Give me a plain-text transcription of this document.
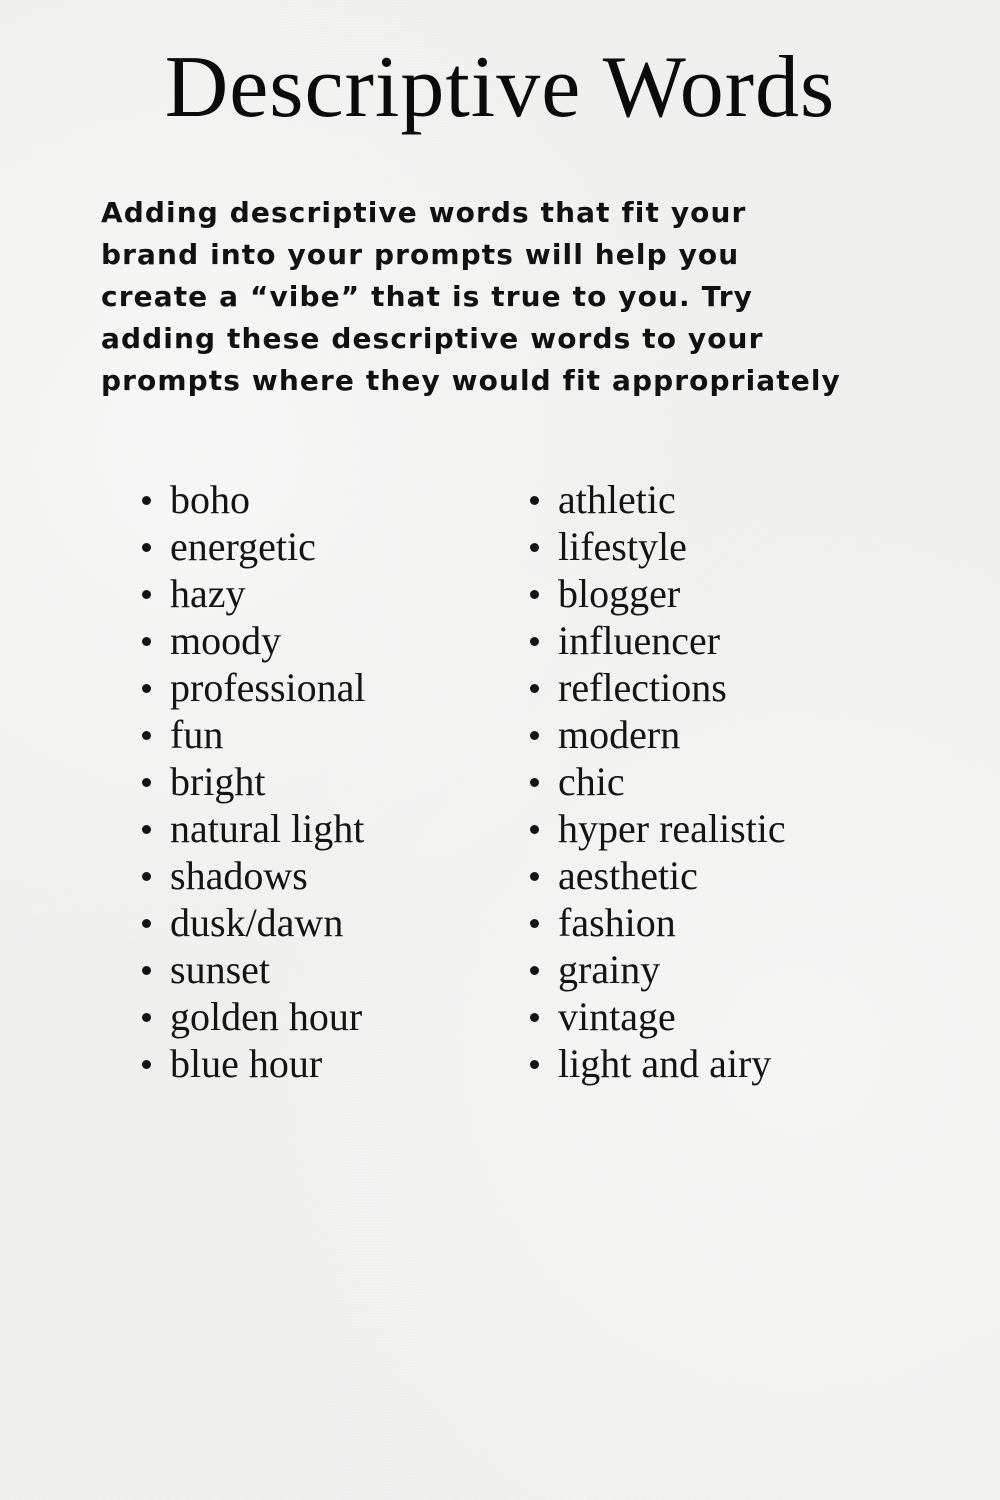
Descriptive Words

Adding descriptive words that fit your
brand into your prompts will help you
create a “vibe” that is true to you. Try
adding these descriptive words to your
prompts where they would fit appropriately

boho
energetic
hazy
moody
professional
fun
bright
natural light
shadows
dusk/dawn
sunset
golden hour
blue hour
athletic
lifestyle
blogger
influencer
reflections
modern
chic
hyper realistic
aesthetic
fashion
grainy
vintage
light and airy
